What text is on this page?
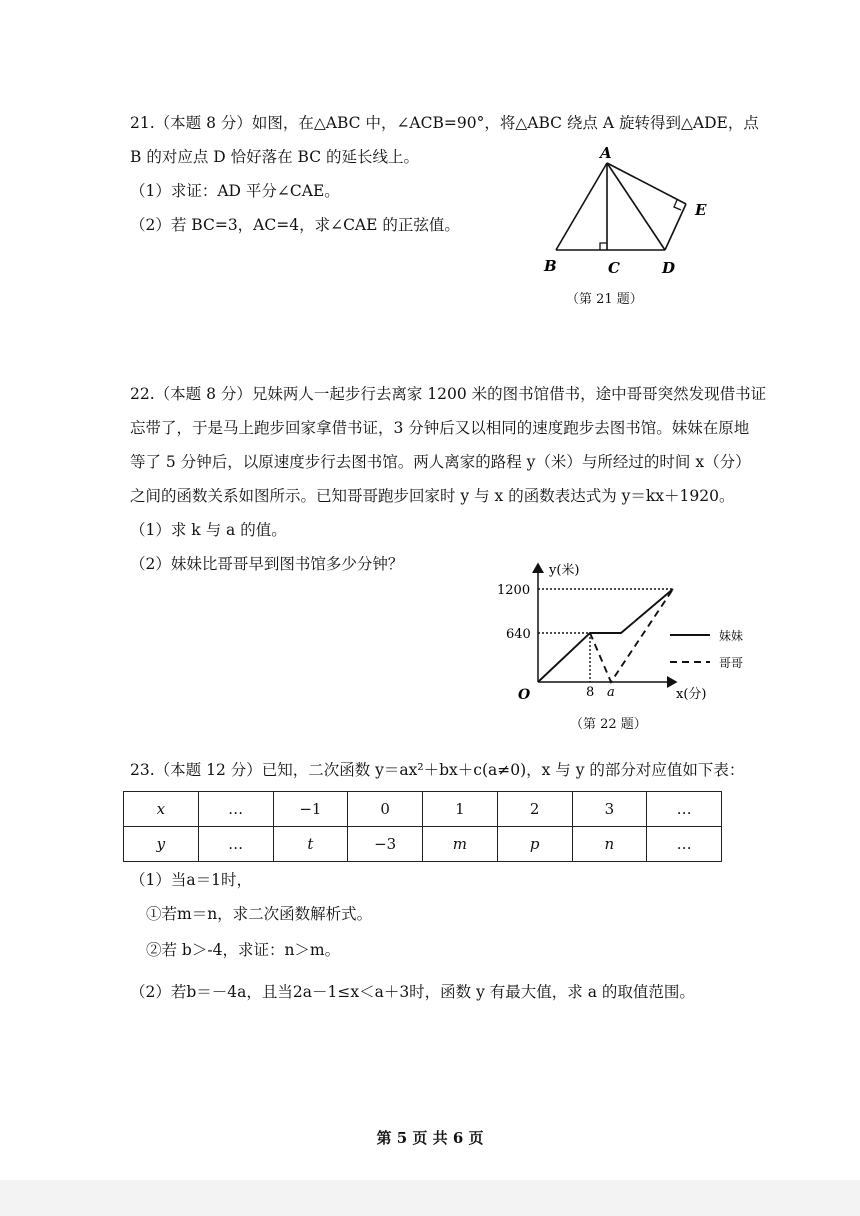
21.（本题 8 分）如图，在△ABC 中，∠ACB=90°，将△ABC 绕点 A 旋转得到△ADE，点
B 的对应点 D 恰好落在 BC 的延长线上。
（1）求证：AD 平分∠CAE。
（2）若 BC=3，AC=4，求∠CAE 的正弦值。
A
B	C	D
E
（第 21 题）
22.（本题 8 分）兄妹两人一起步行去离家 1200 米的图书馆借书，途中哥哥突然发现借书证
忘带了，于是马上跑步回家拿借书证，3 分钟后又以相同的速度跑步去图书馆。妹妹在原地
等了 5 分钟后，以原速度步行去图书馆。两人离家的路程 y（米）与所经过的时间 x（分）
之间的函数关系如图所示。已知哥哥跑步回家时 y 与 x 的函数表达式为 y＝kx＋1920。
（1）求 k 与 a 的值。
（2）妹妹比哥哥早到图书馆多少分钟？	y(米)
x(分)
O
1200
640
8 a
妹妹
哥哥
（第 22 题）
23.（本题 12 分）已知，二次函数 y＝ax²＋bx＋c(a≠0)，x 与 y 的部分对应值如下表：
x	…	−1	0	1	2	3	…
y	…	t	−3	m	p	n	…
（1）当a＝1时，
①若m＝n，求二次函数解析式。
②若 b＞-4，求证：n＞m。
（2）若b＝－4a，且当2a－1≤x＜a＋3时，函数 y 有最大值，求 a 的取值范围。
第 5 页 共 6 页
